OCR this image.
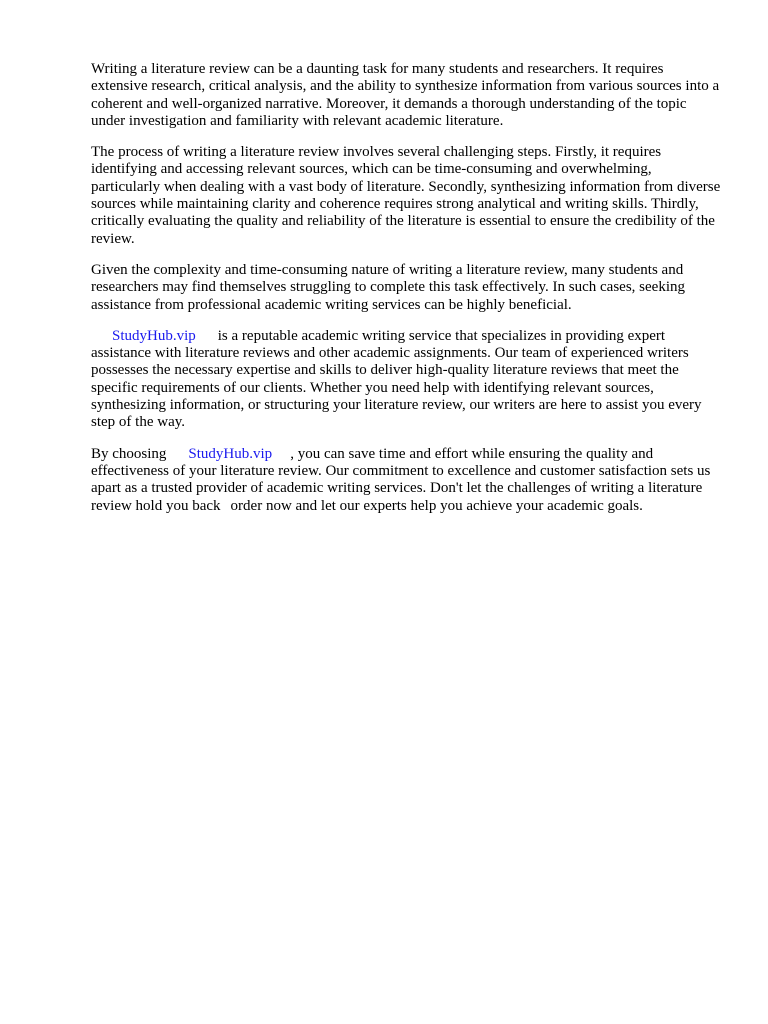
Writing a literature review can be a daunting task for many students and researchers. It requires extensive research, critical analysis, and the ability to synthesize information from various sources into a coherent and well-organized narrative. Moreover, it demands a thorough understanding of the topic under investigation and familiarity with relevant academic literature.

The process of writing a literature review involves several challenging steps. Firstly, it requires identifying and accessing relevant sources, which can be time-consuming and overwhelming, particularly when dealing with a vast body of literature. Secondly, synthesizing information from diverse sources while maintaining clarity and coherence requires strong analytical and writing skills. Thirdly, critically evaluating the quality and reliability of the literature is essential to ensure the credibility of the review.

Given the complexity and time-consuming nature of writing a literature review, many students and researchers may find themselves struggling to complete this task effectively. In such cases, seeking assistance from professional academic writing services can be highly beneficial.

StudyHub.vip is a reputable academic writing service that specializes in providing expert assistance with literature reviews and other academic assignments. Our team of experienced writers possesses the necessary expertise and skills to deliver high-quality literature reviews that meet the specific requirements of our clients. Whether you need help with identifying relevant sources, synthesizing information, or structuring your literature review, our writers are here to assist you every step of the way.

By choosing StudyHub.vip , you can save time and effort while ensuring the quality and effectiveness of your literature review. Our commitment to excellence and customer satisfaction sets us apart as a trusted provider of academic writing services. Don't let the challenges of writing a literature review hold you back order now and let our experts help you achieve your academic goals.
